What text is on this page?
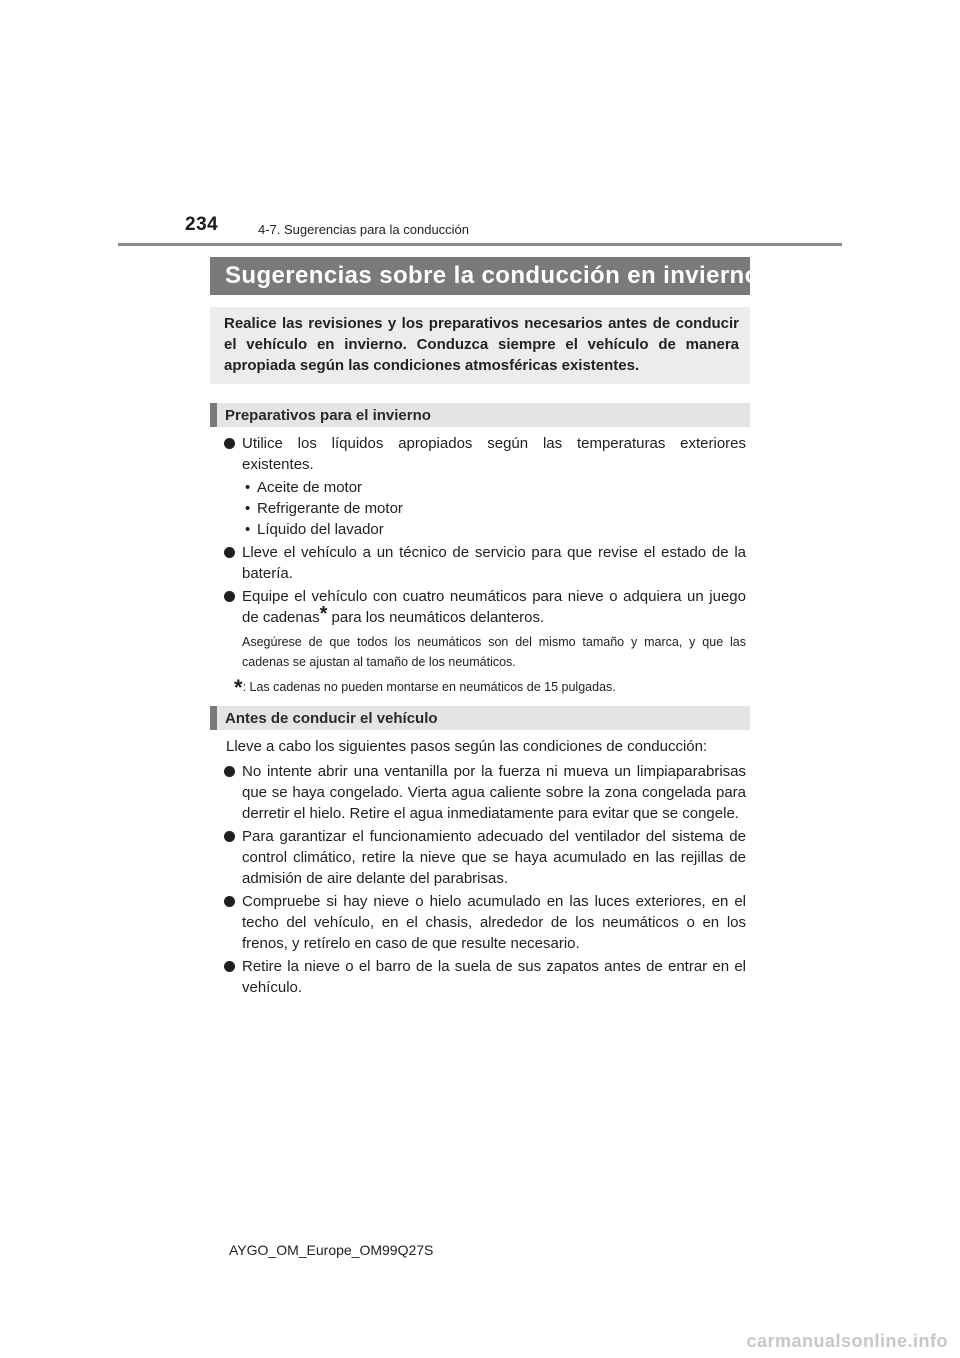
234	4-7. Sugerencias para la conducción
Sugerencias sobre la conducción en invierno
Realice las revisiones y los preparativos necesarios antes de conducir el vehículo en invierno. Conduzca siempre el vehículo de manera apropiada según las condiciones atmosféricas existentes.
Preparativos para el invierno
Utilice los líquidos apropiados según las temperaturas exteriores existentes.
• Aceite de motor
• Refrigerante de motor
• Líquido del lavador
Lleve el vehículo a un técnico de servicio para que revise el estado de la batería.
Equipe el vehículo con cuatro neumáticos para nieve o adquiera un juego de cadenas* para los neumáticos delanteros.
Asegúrese de que todos los neumáticos son del mismo tamaño y marca, y que las cadenas se ajustan al tamaño de los neumáticos.
*: Las cadenas no pueden montarse en neumáticos de 15 pulgadas.
Antes de conducir el vehículo
Lleve a cabo los siguientes pasos según las condiciones de conducción:
No intente abrir una ventanilla por la fuerza ni mueva un limpiaparabrisas que se haya congelado. Vierta agua caliente sobre la zona congelada para derretir el hielo. Retire el agua inmediatamente para evitar que se congele.
Para garantizar el funcionamiento adecuado del ventilador del sistema de control climático, retire la nieve que se haya acumulado en las rejillas de admisión de aire delante del parabrisas.
Compruebe si hay nieve o hielo acumulado en las luces exteriores, en el techo del vehículo, en el chasis, alrededor de los neumáticos o en los frenos, y retírelo en caso de que resulte necesario.
Retire la nieve o el barro de la suela de sus zapatos antes de entrar en el vehículo.
AYGO_OM_Europe_OM99Q27S
carmanualsonline.info
